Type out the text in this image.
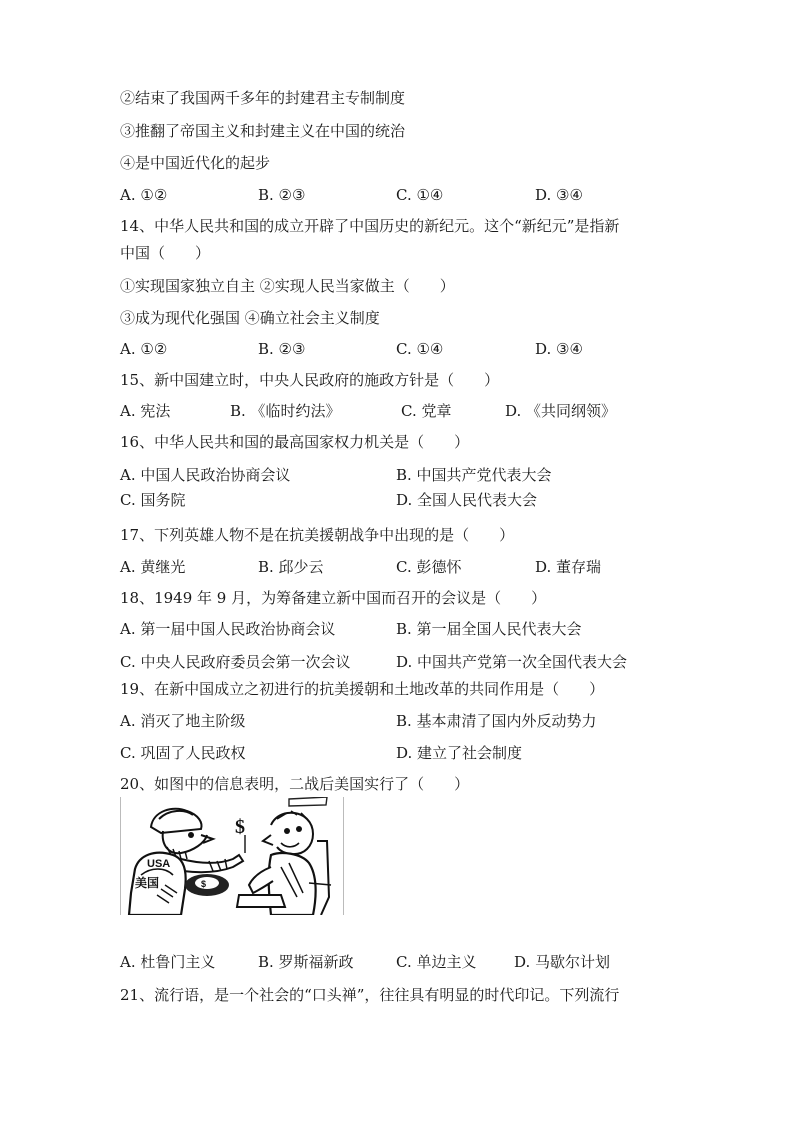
②结束了我国两千多年的封建君主专制制度
③推翻了帝国主义和封建主义在中国的统治
④是中国近代化的起步
A. ①②	B. ②③	C. ①④	D. ③④
14、中华人民共和国的成立开辟了中国历史的新纪元。这个“新纪元”是指新
中国（　　）
①实现国家独立自主 ②实现人民当家做主（　　）
③成为现代化强国 ④确立社会主义制度
A. ①②	B. ②③	C. ①④	D. ③④
15、新中国建立时，中央人民政府的施政方针是（　　）
A. 宪法	B. 《临时约法》	C. 党章	D. 《共同纲领》
16、中华人民共和国的最高国家权力机关是（　　）
A. 中国人民政治协商会议	B. 中国共产党代表大会
C. 国务院	D. 全国人民代表大会
17、下列英雄人物不是在抗美援朝战争中出现的是（　　）
A. 黄继光	B. 邱少云	C. 彭德怀	D. 董存瑞
18、1949 年 9 月，为筹备建立新中国而召开的会议是（　　）
A. 第一届中国人民政治协商会议	B. 第一届全国人民代表大会
C. 中央人民政府委员会第一次会议	D. 中国共产党第一次全国代表大会
19、在新中国成立之初进行的抗美援朝和土地改革的共同作用是（　　）
A. 消灭了地主阶级	B. 基本肃清了国内外反动势力
C. 巩固了人民政权	D. 建立了社会制度
20、如图中的信息表明，二战后美国实行了（　　）
$
$
USA
美国
A. 杜鲁门主义	B. 罗斯福新政	C. 单边主义	D. 马歇尔计划
21、流行语，是一个社会的“口头禅”，往往具有明显的时代印记。下列流行
